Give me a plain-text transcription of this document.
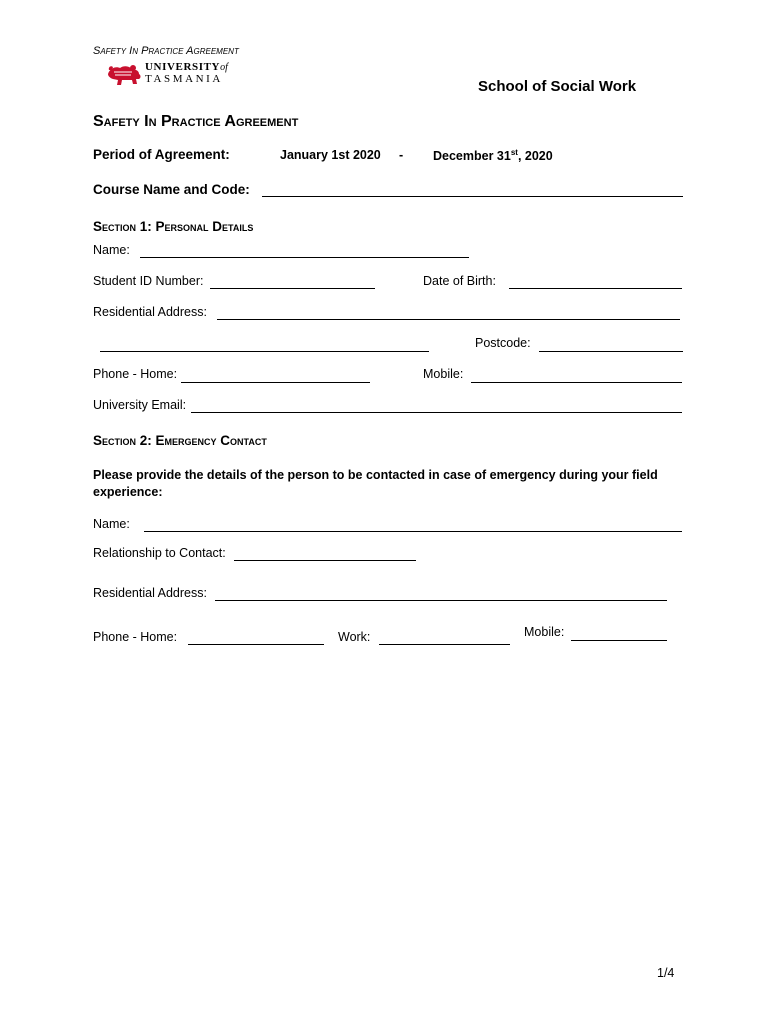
Safety In Practice Agreement
UNIVERSITYof
TASMANIA	School of Social Work
Safety In Practice Agreement
Period of Agreement:	January 1st 2020 - December 31st, 2020
Course Name and Code:
Section 1: Personal Details
Name:
Student ID Number:	Date of Birth:
Residential Address:
Postcode:
Phone - Home:	Mobile:
University Email:
Section 2: Emergency Contact
Please provide the details of the person to be contacted in case of emergency during your field experience:
Name:
Relationship to Contact:
Residential Address:
Phone - Home:	Work:	Mobile:
1/4
